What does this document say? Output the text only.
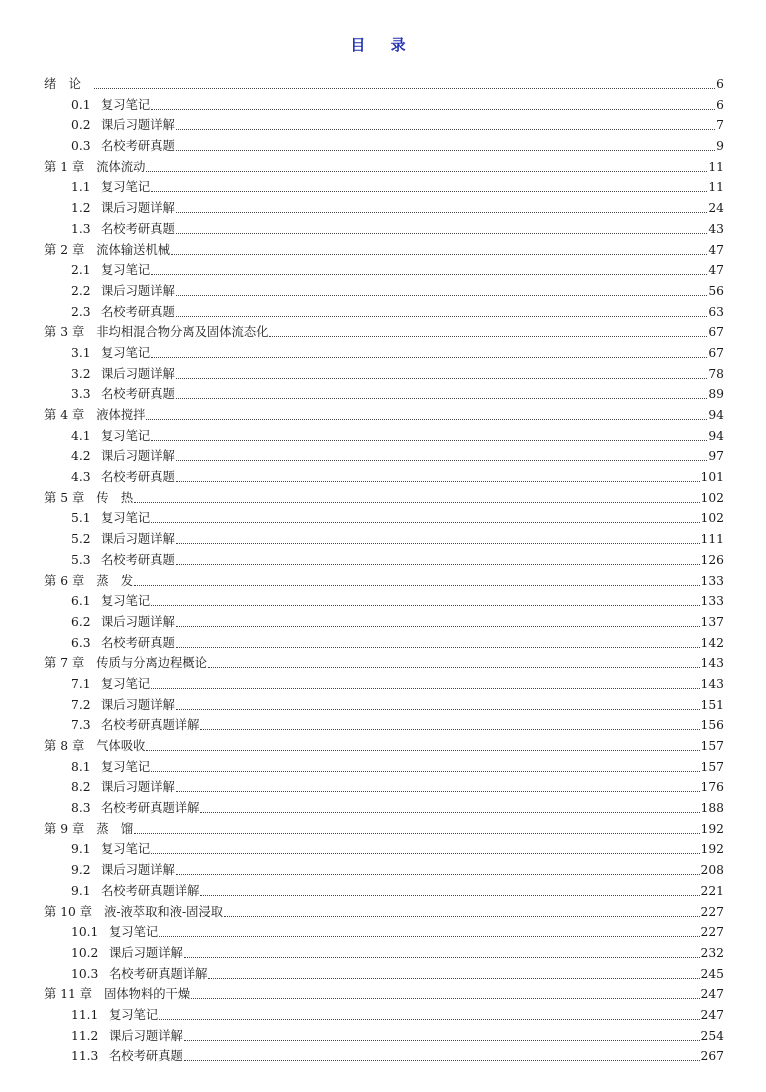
目 录
绪　论	6
0.1 复习笔记	6
0.2 课后习题详解	7
0.3 名校考研真题	9
第 1 章 流体流动	11
1.1 复习笔记	11
1.2 课后习题详解	24
1.3 名校考研真题	43
第 2 章 流体输送机械	47
2.1 复习笔记	47
2.2 课后习题详解	56
2.3 名校考研真题	63
第 3 章 非均相混合物分离及固体流态化	67
3.1 复习笔记	67
3.2 课后习题详解	78
3.3 名校考研真题	89
第 4 章 液体搅拌	94
4.1 复习笔记	94
4.2 课后习题详解	97
4.3 名校考研真题	101
第 5 章 传　热	102
5.1 复习笔记	102
5.2 课后习题详解	111
5.3 名校考研真题	126
第 6 章 蒸　发	133
6.1 复习笔记	133
6.2 课后习题详解	137
6.3 名校考研真题	142
第 7 章 传质与分离边程概论	143
7.1 复习笔记	143
7.2 课后习题详解	151
7.3 名校考研真题详解	156
第 8 章 气体吸收	157
8.1 复习笔记	157
8.2 课后习题详解	176
8.3 名校考研真题详解	188
第 9 章 蒸　馏	192
9.1 复习笔记	192
9.2 课后习题详解	208
9.1 名校考研真题详解	221
第 10 章 液-液萃取和液-固浸取	227
10.1 复习笔记	227
10.2 课后习题详解	232
10.3 名校考研真题详解	245
第 11 章 固体物料的干燥	247
11.1 复习笔记	247
11.2 课后习题详解	254
11.3 名校考研真题	267
